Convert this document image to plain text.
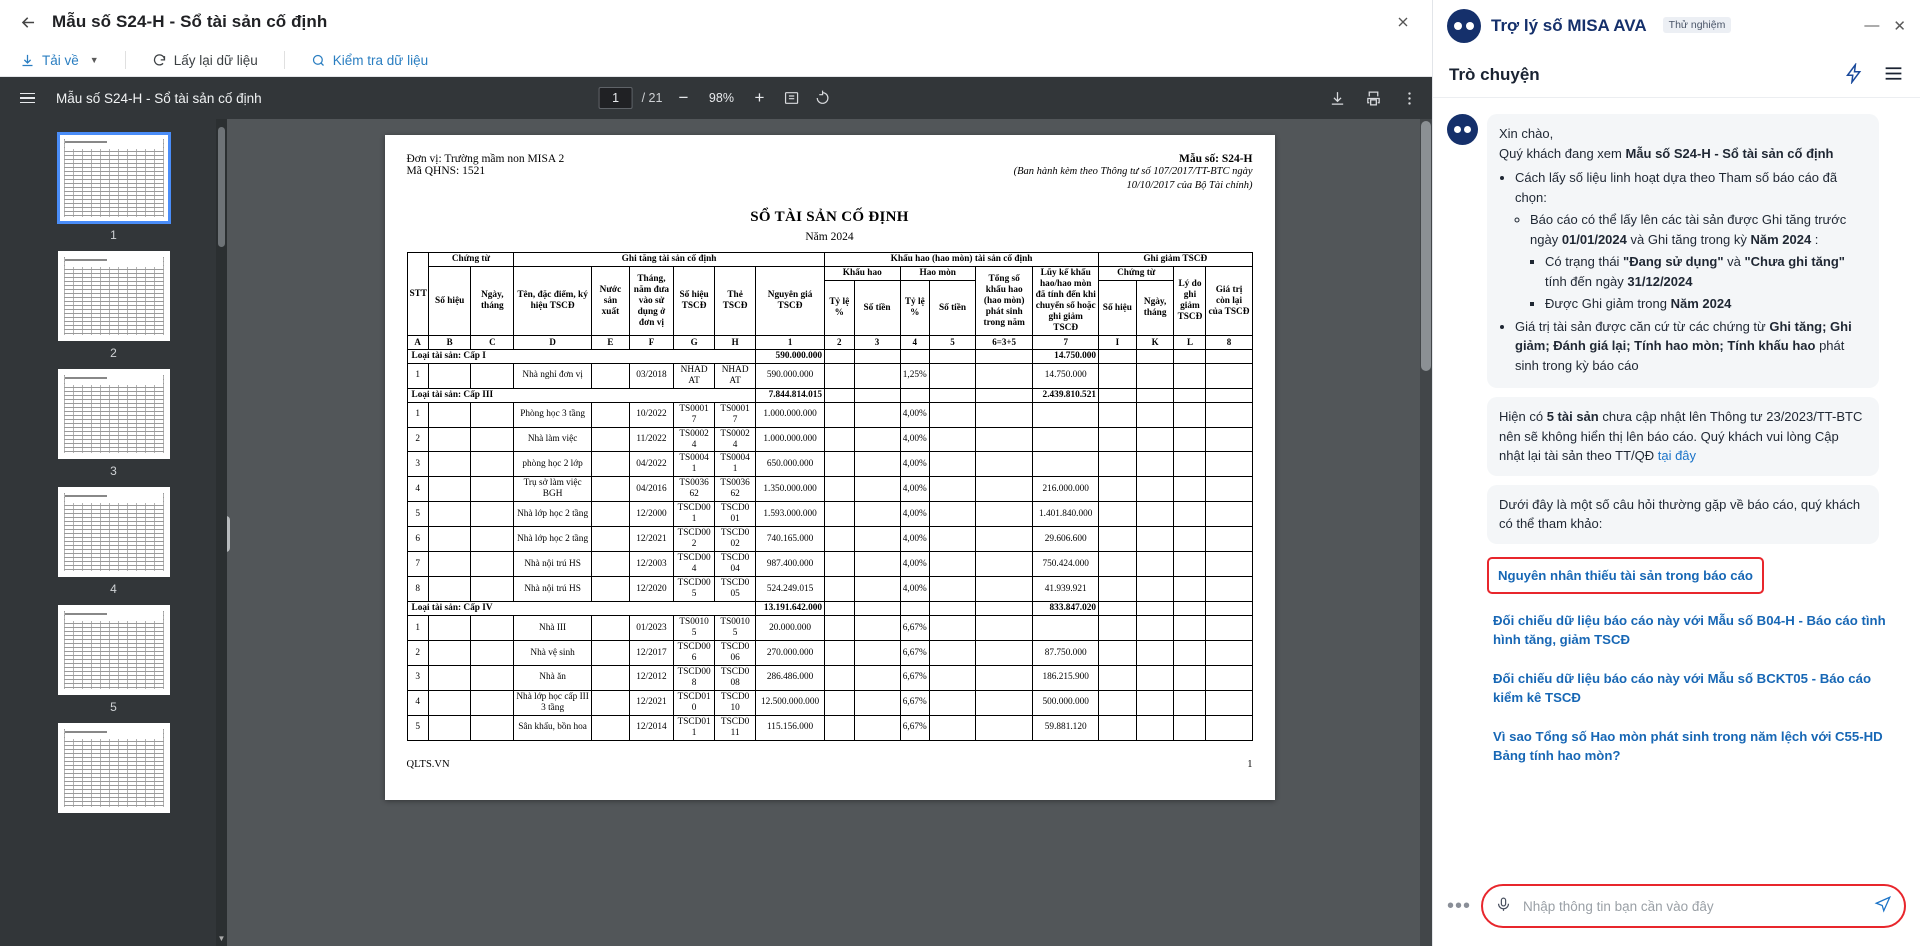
Mẫu số S24-H - Sổ tài sản cố định
Tải về ▼	Lấy lại dữ liệu	Kiểm tra dữ liệu
Mẫu số S24-H - Sổ tài sản cố định	1	/ 21 −	98%	+
1
2
3
4
5
▼
Đơn vị: Trường mầm non MISA 2
Mã QHNS: 1521
Mẫu số: S24-H
(Ban hành kèm theo Thông tư số 107/2017/TT-BTC ngày 10/10/2017 của Bộ Tài chính)
SỔ TÀI SẢN CỐ ĐỊNH
Năm 2024
STT	Chứng từ		Ghi tăng tài sản cố định						Khấu hao (hao mòn) tài sản cố định						Ghi giảm TSCĐ			
	Số hiệu	Ngày, tháng	Tên, đặc điểm, ký hiệu TSCĐ	Nước sản xuất	Tháng, năm đưa vào sử dụng ở đơn vị	Số hiệu TSCĐ	Thẻ TSCĐ	Nguyên giá TSCĐ	Khấu hao		Hao mòn		Tổng số khấu hao (hao mòn) phát sinh trong năm	Lũy kế khấu hao/hao mòn đã tính đến khi chuyển sổ hoặc ghi giảm TSCĐ	Chứng từ		Lý do ghi giảm TSCĐ	Giá trị còn lại của TSCĐ
									Tỷ lệ %	Số tiền	Tỷ lệ %	Số tiền			Số hiệu	Ngày, tháng		

A	B	C	D	E	F	G	H	1	2	3	4	5	6=3+5	7	I	K	L	8
Loại tài sản: Cấp I								590.000.000						14.750.000				
1			Nhà nghỉ đơn vị		03/2018	NHAD AT	NHAD AT	590.000.000			1,25%			14.750.000				
Loại tài sản: Cấp III								7.844.814.015						2.439.810.521				
1			Phòng học 3 tầng		10/2022	TS0001 7	TS0001 7	1.000.000.000			4,00%							
2			Nhà làm việc		11/2022	TS0002 4	TS0002 4	1.000.000.000			4,00%							
3			phòng học 2 lớp		04/2022	TS0004 1	TS0004 1	650.000.000			4,00%							
4			Trụ sở làm việc BGH		04/2016	TS0036 62	TS0036 62	1.350.000.000			4,00%			216.000.000				
5			Nhà lớp học 2 tầng		12/2000	TSCD00 1	TSCD0 01	1.593.000.000			4,00%			1.401.840.000				
6			Nhà lớp học 2 tầng		12/2021	TSCD00 2	TSCD0 02	740.165.000			4,00%			29.606.600				
7			Nhà nội trú HS		12/2003	TSCD00 4	TSCD0 04	987.400.000			4,00%			750.424.000				
8			Nhà nội trú HS		12/2020	TSCD00 5	TSCD0 05	524.249.015			4,00%			41.939.921				
Loại tài sản: Cấp IV								13.191.642.000						833.847.020				
1			Nhà III		01/2023	TS0010 5	TS0010 5	20.000.000			6,67%							
2			Nhà vệ sinh		12/2017	TSCD00 6	TSCD0 06	270.000.000			6,67%			87.750.000				
3			Nhà ăn		12/2012	TSCD00 8	TSCD0 08	286.486.000			6,67%			186.215.900				
4			Nhà lớp học cấp III 3 tầng		12/2021	TSCD01 0	TSCD0 10	12.500.000.000			6,67%			500.000.000				
5			Sân khấu, bồn hoa		12/2014	TSCD01 1	TSCD0 11	115.156.000			6,67%			59.881.120				
QLTS.VN	1
Trợ lý số MISA AVA	Thử nghiệm	— ✕
Trò chuyện
Xin chào,
Quý khách đang xem Mẫu số S24-H - Sổ tài sản cố định
• Cách lấy số liệu linh hoạt dựa theo Tham số báo cáo đã chọn:
◦ Báo cáo có thể lấy lên các tài sản được Ghi tăng trước ngày 01/01/2024 và Ghi tăng trong kỳ Năm 2024 :
▪ Có trạng thái "Đang sử dụng" và "Chưa ghi tăng" tính đến ngày 31/12/2024
▪ Được Ghi giảm trong Năm 2024
• Giá trị tài sản được căn cứ từ các chứng từ Ghi tăng; Ghi giảm; Đánh giá lại; Tính hao mòn; Tính khấu hao phát sinh trong kỳ báo cáo
Hiện có 5 tài sản chưa cập nhật lên Thông tư 23/2023/TT-BTC nên sẽ không hiển thị lên báo cáo. Quý khách vui lòng Cập nhật lại tài sản theo TT/QĐ tại đây
Dưới đây là một số câu hỏi thường gặp về báo cáo, quý khách có thể tham khảo:
Nguyên nhân thiếu tài sản trong báo cáo
Đối chiếu dữ liệu báo cáo này với Mẫu số B04-H - Báo cáo tình hình tăng, giảm TSCĐ
Đối chiếu dữ liệu báo cáo này với Mẫu số BCKT05 - Báo cáo kiểm kê TSCĐ
Vì sao Tổng số Hao mòn phát sinh trong năm lệch với C55-HD Bảng tính hao mòn?
•••
Nhập thông tin bạn cần vào đây
